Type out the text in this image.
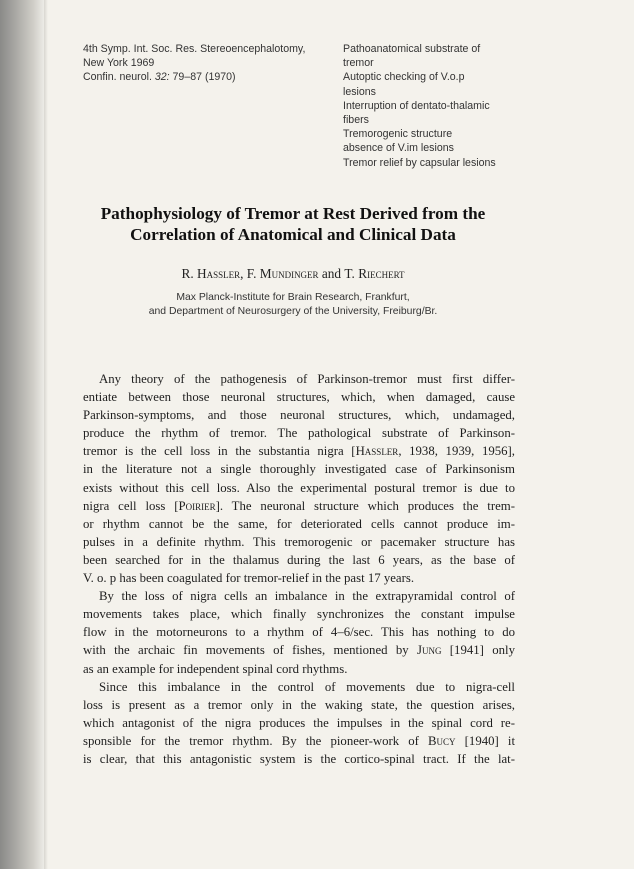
4th Symp. Int. Soc. Res. Stereoencephalotomy,
New York 1969
Confin. neurol. 32: 79–87 (1970)
Pathoanatomical substrate of
tremor
Autoptic checking of V.o.p
lesions
Interruption of dentato-thalamic
fibers
Tremorogenic structure
absence of V.im lesions
Tremor relief by capsular lesions
Pathophysiology of Tremor at Rest Derived from the
Correlation of Anatomical and Clinical Data
R. Hassler, F. Mundinger and T. Riechert
Max Planck-Institute for Brain Research, Frankfurt,
and Department of Neurosurgery of the University, Freiburg/Br.
Any theory of the pathogenesis of Parkinson-tremor must first differ-
entiate between those neuronal structures, which, when damaged, cause
Parkinson-symptoms, and those neuronal structures, which, undamaged,
produce the rhythm of tremor. The pathological substrate of Parkinson-
tremor is the cell loss in the substantia nigra [Hassler, 1938, 1939, 1956],
in the literature not a single thoroughly investigated case of Parkinsonism
exists without this cell loss. Also the experimental postural tremor is due to
nigra cell loss [Poirier]. The neuronal structure which produces the trem-
or rhythm cannot be the same, for deteriorated cells cannot produce im-
pulses in a definite rhythm. This tremorogenic or pacemaker structure has
been searched for in the thalamus during the last 6 years, as the base of
V. o. p has been coagulated for tremor-relief in the past 17 years.
By the loss of nigra cells an imbalance in the extrapyramidal control of
movements takes place, which finally synchronizes the constant impulse
flow in the motorneurons to a rhythm of 4–6/sec. This has nothing to do
with the archaic fin movements of fishes, mentioned by Jung [1941] only
as an example for independent spinal cord rhythms.
Since this imbalance in the control of movements due to nigra-cell
loss is present as a tremor only in the waking state, the question arises,
which antagonist of the nigra produces the impulses in the spinal cord re-
sponsible for the tremor rhythm. By the pioneer-work of Bucy [1940] it
is clear, that this antagonistic system is the cortico-spinal tract. If the lat-
